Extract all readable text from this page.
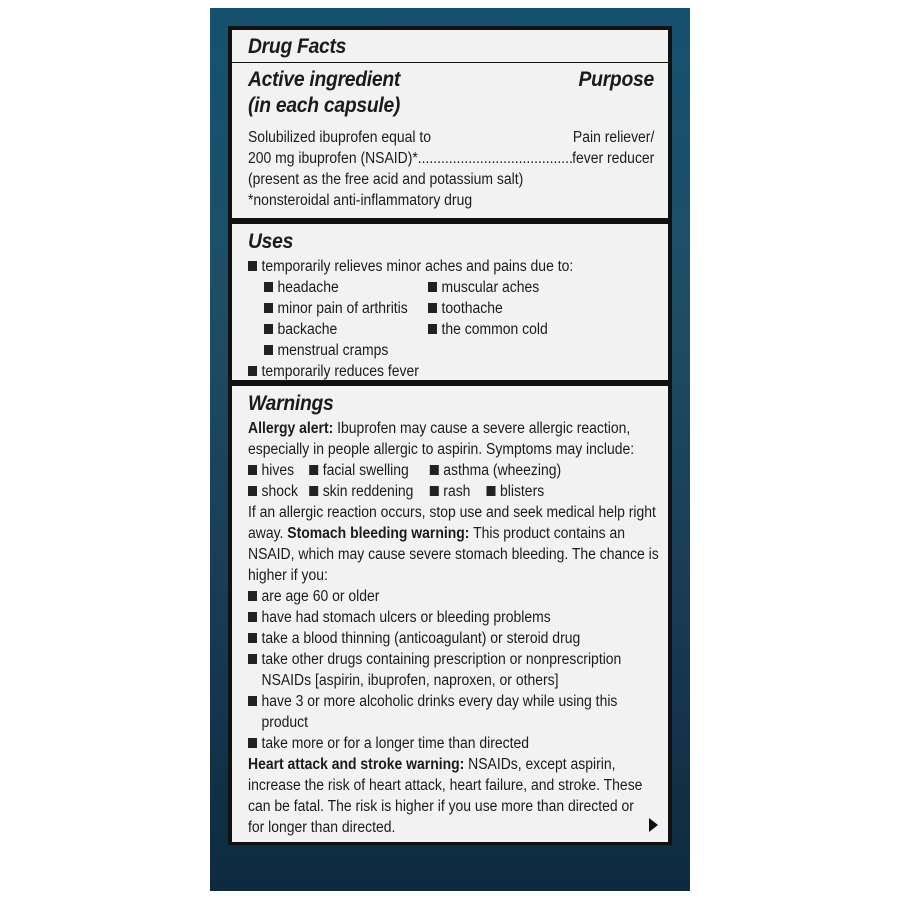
Drug Facts
Active ingredient
(in each capsule)
Purpose
Solubilized ibuprofen equal to
200 mg ibuprofen (NSAID)*........................................
(present as the free acid and potassium salt)
*nonsteroidal anti-inflammatory drug
Pain reliever/
fever reducer
Uses
temporarily relieves minor aches and pains due to:
headache
minor pain of arthritis
backache
menstrual cramps
muscular aches
toothache
the common cold
temporarily reduces fever
Warnings
Allergy alert: Ibuprofen may cause a severe allergic reaction,
especially in people allergic to aspirin. Symptoms may include:
hives facial swelling asthma (wheezing)
shock skin reddening rash blisters
If an allergic reaction occurs, stop use and seek medical help right
away. Stomach bleeding warning: This product contains an
NSAID, which may cause severe stomach bleeding. The chance is
higher if you:
are age 60 or older
have had stomach ulcers or bleeding problems
take a blood thinning (anticoagulant) or steroid drug
take other drugs containing prescription or nonprescription
NSAIDs [aspirin, ibuprofen, naproxen, or others]
have 3 or more alcoholic drinks every day while using this
product
take more or for a longer time than directed
Heart attack and stroke warning: NSAIDs, except aspirin,
increase the risk of heart attack, heart failure, and stroke. These
can be fatal. The risk is higher if you use more than directed or
for longer than directed.
